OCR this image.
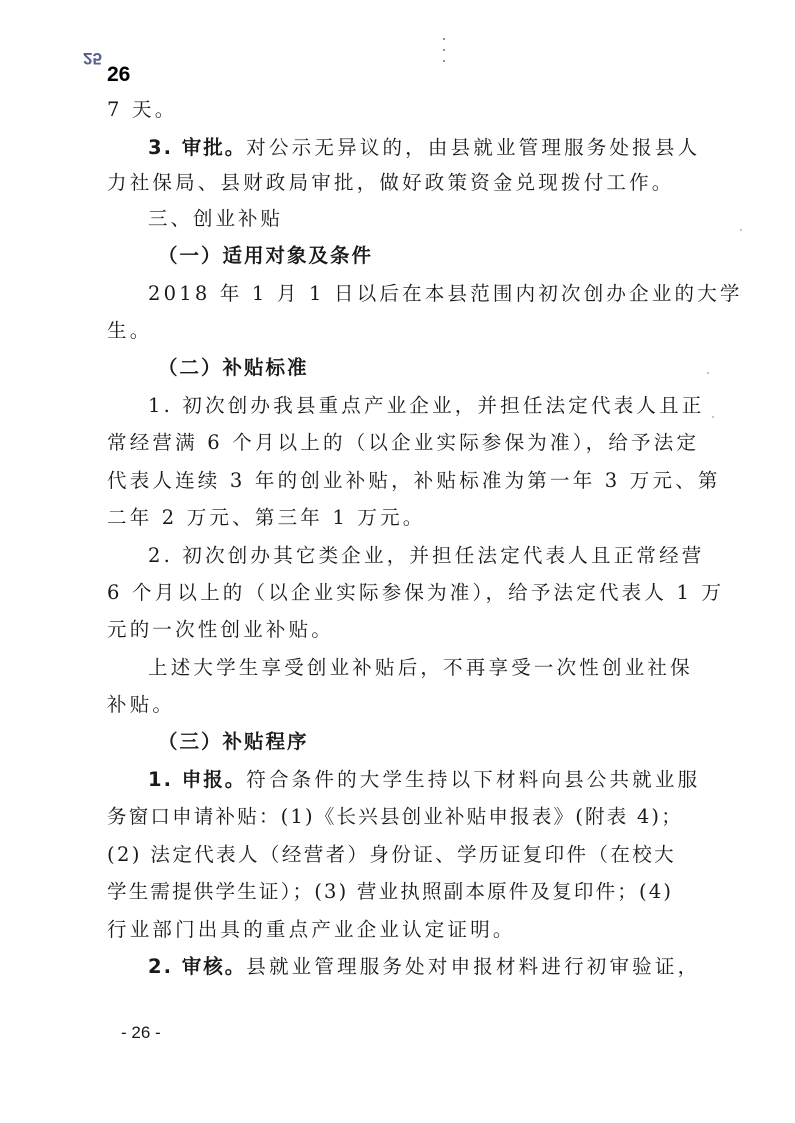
25
26
7 天。
3. 审批。对公示无异议的，由县就业管理服务处报县人
力社保局、县财政局审批，做好政策资金兑现拨付工作。
三、创业补贴
（一）适用对象及条件
2018 年 1 月 1 日以后在本县范围内初次创办企业的大学
生。
（二）补贴标准
1. 初次创办我县重点产业企业，并担任法定代表人且正
常经营满 6 个月以上的（以企业实际参保为准），给予法定
代表人连续 3 年的创业补贴，补贴标准为第一年 3 万元、第
二年 2 万元、第三年 1 万元。
2. 初次创办其它类企业，并担任法定代表人且正常经营
6 个月以上的（以企业实际参保为准），给予法定代表人 1 万
元的一次性创业补贴。
上述大学生享受创业补贴后，不再享受一次性创业社保
补贴。
（三）补贴程序
1. 申报。符合条件的大学生持以下材料向县公共就业服
务窗口申请补贴：(1)《长兴县创业补贴申报表》(附表 4)；
(2) 法定代表人（经营者）身份证、学历证复印件（在校大
学生需提供学生证）；(3) 营业执照副本原件及复印件；(4)
行业部门出具的重点产业企业认定证明。
2. 审核。县就业管理服务处对申报材料进行初审验证，
- 26 -
